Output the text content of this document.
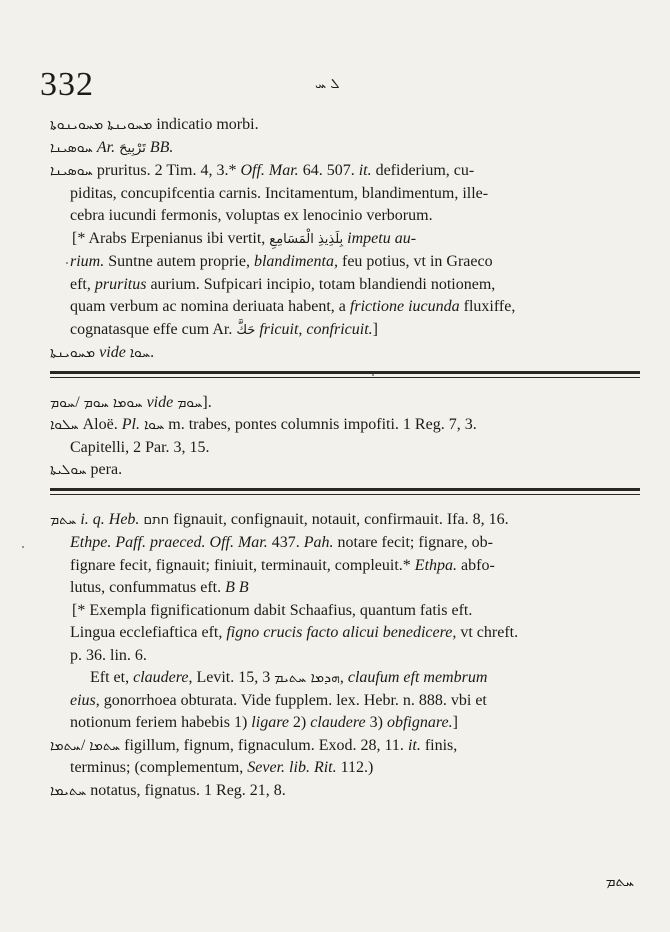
332	ܠ ܚ

ܡܚܘܝܢܘܬܐ ܡܚܘܝܢܬܐ indicatio morbi.

ܚܘܣܝܢܐ Ar. تَرْبِيحَ BB.

ܚܘܣܝܢܐ pruritus. 2 Tim. 4, 3.* Off. Mar. 64. 507. it. defiderium, cu-

piditas, concupifcentia carnis. Incitamentum, blandimentum, ille-

cebra iucundi fermonis, voluptas ex lenocinio verborum.

[* Arabs Erpenianus ibi vertit, بِلَذِيذِ الْمَسَامِعِ impetu au-

rium. Suntne autem proprie, blandimenta, feu potius, vt in Graeco

eft, pruritus aurium. Sufpicari incipio, totam blandiendi notionem,

quam verbum ac nomina deriuata habent, a frictione iucunda fluxiffe,

cognatasque effe cum Ar. حَكَّ fricuit, confricuit.]

ܡܚܘܝܢܬܐ vide ܚܘܐ.

ܚܘܡ/ ܚܘܡ ܚܘܡܐ vide ܚܘܡ].

ܚܠܘܐ Aloë. Pl. ܚܘܐ m. trabes, pontes columnis impofiti. 1 Reg. 7, 3.

Capitelli, 2 Par. 3, 15.

ܚܘܠܝܬܐ pera.

ܚܬܡ i. q. Heb. חתם fignauit, confignauit, notauit, confirmauit. Ifa. 8, 16.

Ethpe. Paff. praeced. Off. Mar. 437. Pah. notare fecit; fignare, ob-

fignare fecit, fignauit; finiuit, terminauit, compleuit.* Ethpa. abfo-

lutus, confummatus eft. B B

[* Exempla fignificationum dabit Schaafius, quantum fatis eft.

Lingua ecclefiaftica eft, figno crucis facto alicui benedicere, vt chreft.

p. 36. lin. 6.

Eft et, claudere, Levit. 15, 3 ܗܕܡܐ ܚܬܝܡ, claufum eft membrum

eius, gonorrhoea obturata. Vide fupplem. lex. Hebr. n. 888. vbi et

notionum feriem habebis 1) ligare 2) claudere 3) obfignare.]

ܚܬܡܐ/ ܚܬܡܐ figillum, fignum, fignaculum. Exod. 28, 11. it. finis,

terminus; (complementum, Sever. lib. Rit. 112.)

ܚܬܝܡܐ notatus, fignatus. 1 Reg. 21, 8.

ܚܬܡ
